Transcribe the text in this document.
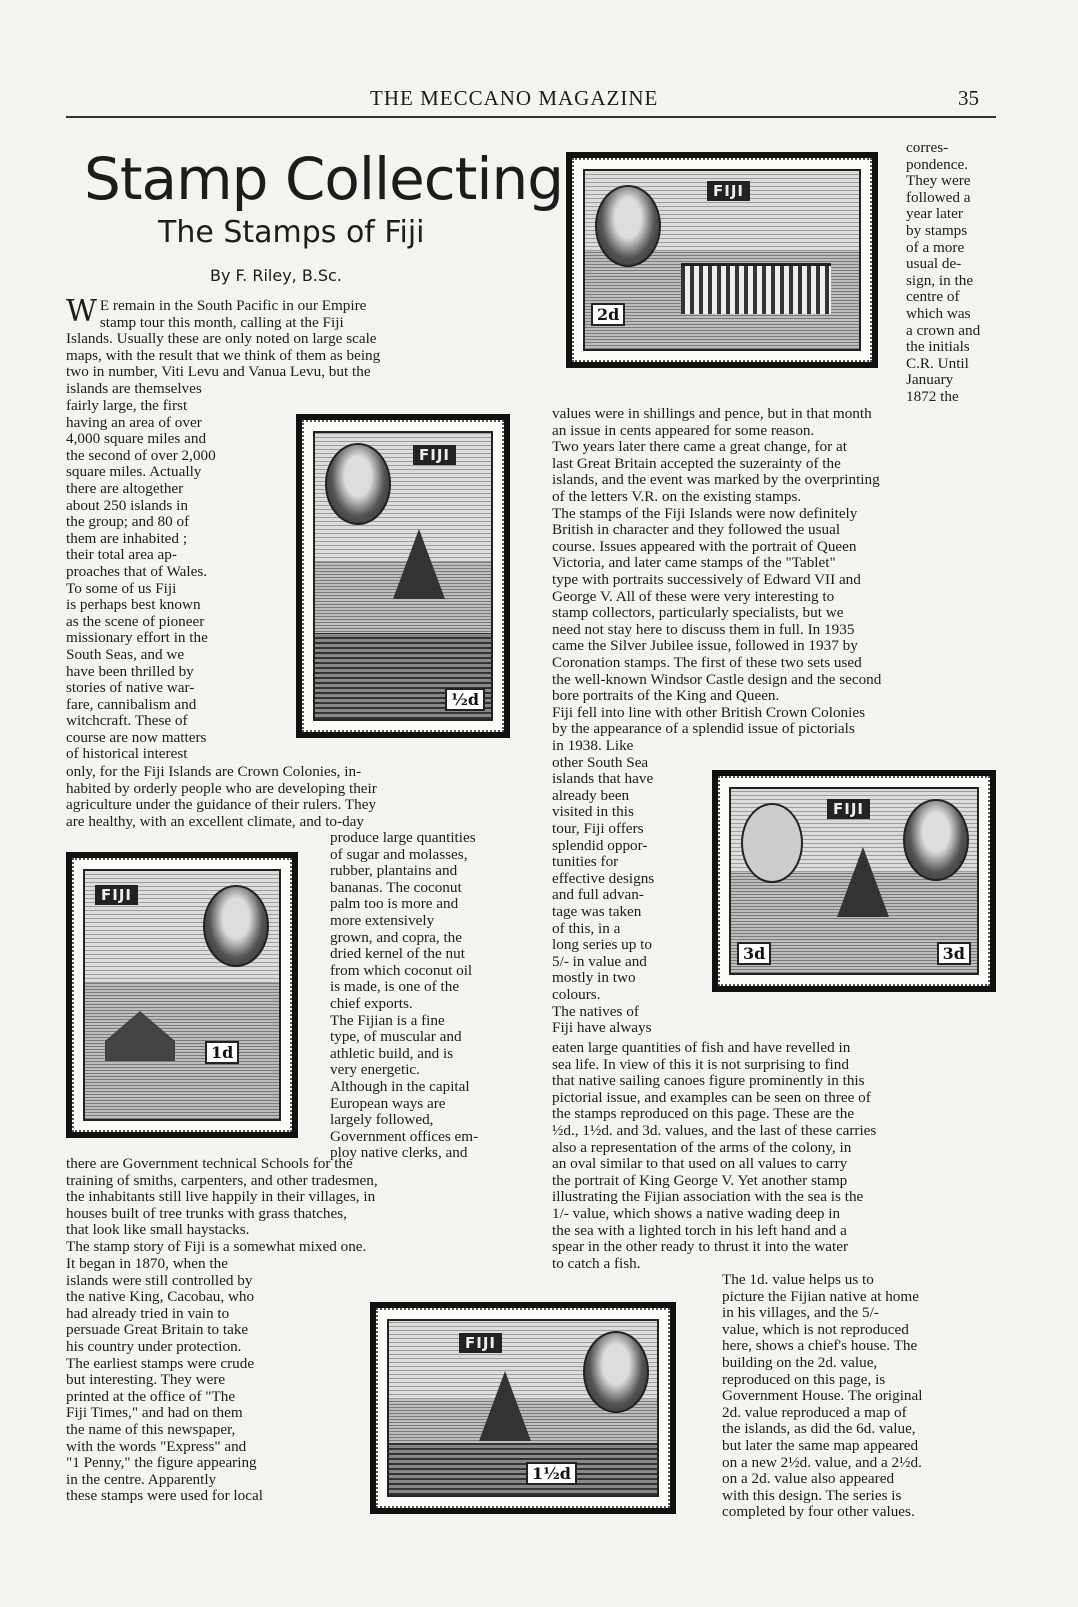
THE MECCANO MAGAZINE	35
Stamp Collecting
The Stamps of Fiji
By F. Riley, B.Sc.
W E remain in the South Pacific in our Empire
stamp tour this month, calling at the Fiji
Islands. Usually these are only noted on large scale
maps, with the result that we think of them as being
two in number, Viti Levu and Vanua Levu, but the
islands are themselves

fairly large, the first
having an area of over
4,000 square miles and
the second of over 2,000
square miles. Actually
there are altogether
about 250 islands in
the group; and 80 of
them are inhabited ;
their total area ap-
proaches that of Wales.
To some of us Fiji
is perhaps best known
as the scene of pioneer
missionary effort in the
South Seas, and we
have been thrilled by
stories of native war-
fare, cannibalism and
witchcraft. These of
course are now matters
of historical interest

only, for the Fiji Islands are Crown Colonies, in-
habited by orderly people who are developing their
agriculture under the guidance of their rulers. They
are healthy, with an excellent climate, and to-day

produce large quantities
of sugar and molasses,
rubber, plantains and
bananas. The coconut
palm too is more and
more extensively
grown, and copra, the
dried kernel of the nut
from which coconut oil
is made, is one of the
chief exports.
The Fijian is a fine
type, of muscular and
athletic build, and is
very energetic.
Although in the capital
European ways are
largely followed,
Government offices em-
ploy native clerks, and

there are Government technical Schools for the
training of smiths, carpenters, and other tradesmen,
the inhabitants still live happily in their villages, in
houses built of tree trunks with grass thatches,
that look like small haystacks.
The stamp story of Fiji is a somewhat mixed one.

It began in 1870, when the
islands were still controlled by
the native King, Cacobau, who
had already tried in vain to
persuade Great Britain to take
his country under protection.
The earliest stamps were crude
but interesting. They were
printed at the office of "The
Fiji Times," and had on them
the name of this newspaper,
with the words "Express" and
"1 Penny," the figure appearing
in the centre. Apparently
these stamps were used for local

corres-
pondence.
They were
followed a
year later
by stamps
of a more
usual de-
sign, in the
centre of
which was
a crown and
the initials
C.R. Until
January
1872 the

values were in shillings and pence, but in that month
an issue in cents appeared for some reason.
Two years later there came a great change, for at
last Great Britain accepted the suzerainty of the
islands, and the event was marked by the overprinting
of the letters V.R. on the existing stamps.
The stamps of the Fiji Islands were now definitely
British in character and they followed the usual
course. Issues appeared with the portrait of Queen
Victoria, and later came stamps of the "Tablet"
type with portraits successively of Edward VII and
George V. All of these were very interesting to
stamp collectors, particularly specialists, but we
need not stay here to discuss them in full. In 1935
came the Silver Jubilee issue, followed in 1937 by
Coronation stamps. The first of these two sets used
the well-known Windsor Castle design and the second
bore portraits of the King and Queen.
Fiji fell into line with other British Crown Colonies
by the appearance of a splendid issue of pictorials

in 1938. Like
other South Sea
islands that have
already been
visited in this
tour, Fiji offers
splendid oppor-
tunities for
effective designs
and full advan-
tage was taken
of this, in a
long series up to
5/- in value and
mostly in two
colours.
The natives of
Fiji have always

eaten large quantities of fish and have revelled in
sea life. In view of this it is not surprising to find
that native sailing canoes figure prominently in this
pictorial issue, and examples can be seen on three of
the stamps reproduced on this page. These are the
½d., 1½d. and 3d. values, and the last of these carries
also a representation of the arms of the colony, in
an oval similar to that used on all values to carry
the portrait of King George V. Yet another stamp
illustrating the Fijian association with the sea is the
1/- value, which shows a native wading deep in
the sea with a lighted torch in his left hand and a
spear in the other ready to thrust it into the water
to catch a fish.

The 1d. value helps us to
picture the Fijian native at home
in his villages, and the 5/-
value, which is not reproduced
here, shows a chief's house. The
building on the 2d. value,
reproduced on this page, is
Government House. The original
2d. value reproduced a map of
the islands, as did the 6d. value,
but later the same map appeared
on a new 2½d. value, and a 2½d.
on a 2d. value also appeared
with this design. The series is
completed by four other values.

FIJI
2d
FIJI
½d
FIJI
1d
FIJI
3d	3d
FIJI
1½d
